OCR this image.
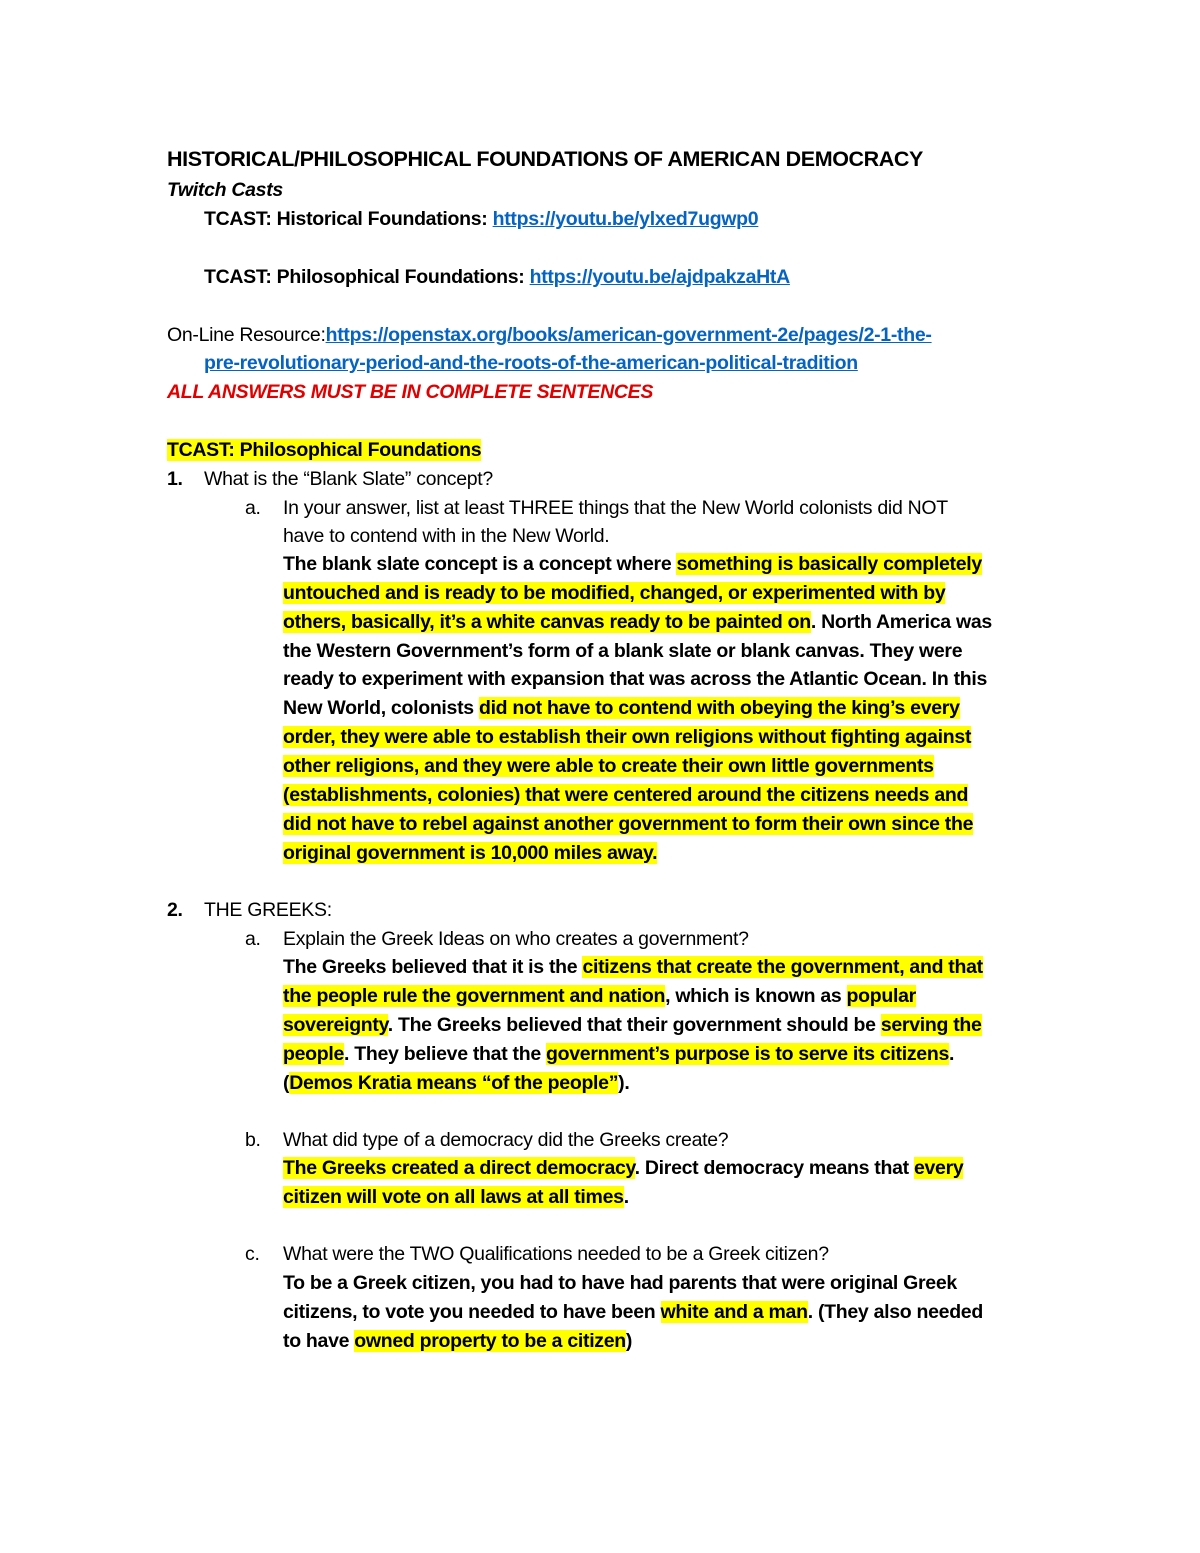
HISTORICAL/PHILOSOPHICAL FOUNDATIONS OF AMERICAN DEMOCRACY
Twitch Casts
TCAST: Historical Foundations: https://youtu.be/ylxed7ugwp0
TCAST: Philosophical Foundations: https://youtu.be/ajdpakzaHtA
On-Line Resource:https://openstax.org/books/american-government-2e/pages/2-1-the-
pre-revolutionary-period-and-the-roots-of-the-american-political-tradition
ALL ANSWERS MUST BE IN COMPLETE SENTENCES
TCAST: Philosophical Foundations
1. What is the “Blank Slate” concept?
a. In your answer, list at least THREE things that the New World colonists did NOT
have to contend with in the New World.
The blank slate concept is a concept where something is basically completely
untouched and is ready to be modified, changed, or experimented with by
others, basically, it’s a white canvas ready to be painted on. North America was
the Western Government’s form of a blank slate or blank canvas. They were
ready to experiment with expansion that was across the Atlantic Ocean. In this
New World, colonists did not have to contend with obeying the king’s every
order, they were able to establish their own religions without fighting against
other religions, and they were able to create their own little governments
(establishments, colonies) that were centered around the citizens needs and
did not have to rebel against another government to form their own since the
original government is 10,000 miles away.
2. THE GREEKS:
a. Explain the Greek Ideas on who creates a government?
The Greeks believed that it is the citizens that create the government, and that
the people rule the government and nation, which is known as popular
sovereignty. The Greeks believed that their government should be serving the
people. They believe that the government’s purpose is to serve its citizens.
(Demos Kratia means “of the people”).
b. What did type of a democracy did the Greeks create?
The Greeks created a direct democracy. Direct democracy means that every
citizen will vote on all laws at all times.
c. What were the TWO Qualifications needed to be a Greek citizen?
To be a Greek citizen, you had to have had parents that were original Greek
citizens, to vote you needed to have been white and a man. (They also needed
to have owned property to be a citizen)
